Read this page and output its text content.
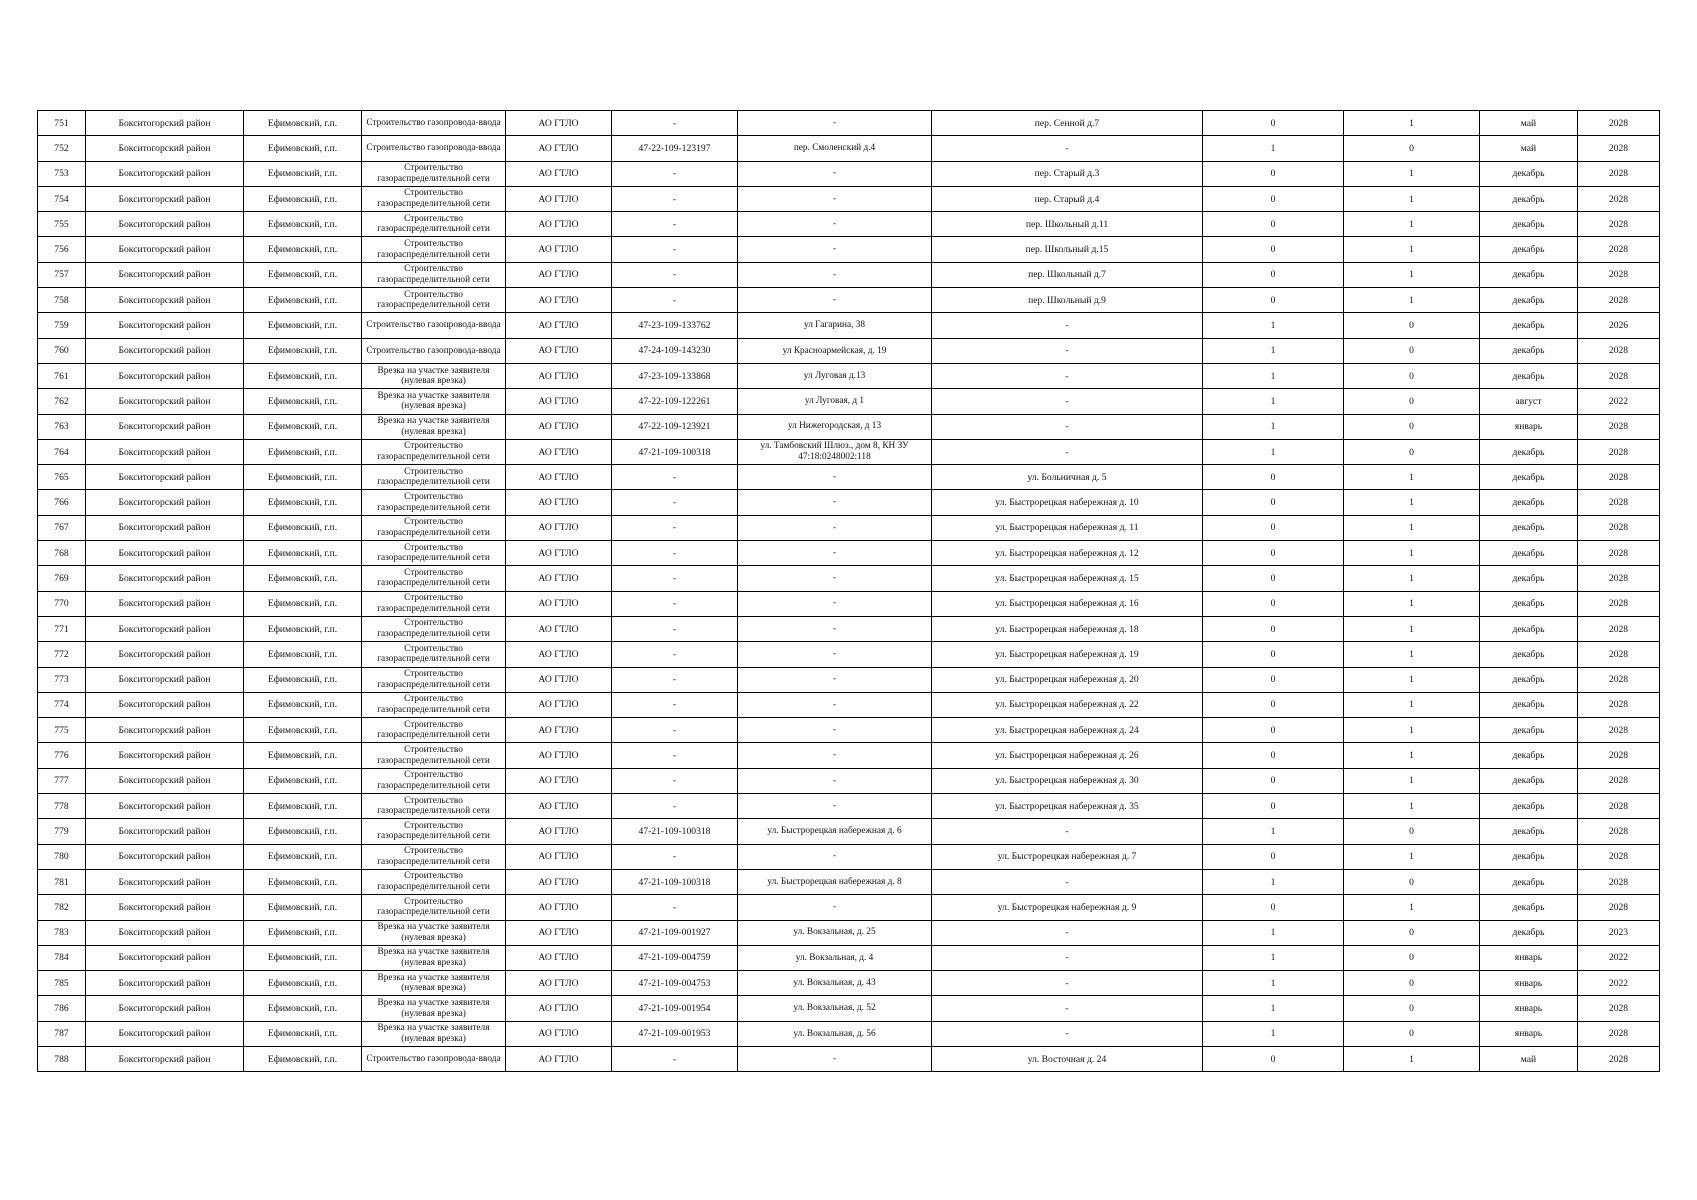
751	Бокситогорский район	Ефимовский, г.п.	Строительство газопровода-ввода	АО ГТЛО	-	-	пер. Сенной д.7	0	1	май	2028
752	Бокситогорский район	Ефимовский, г.п.	Строительство газопровода-ввода	АО ГТЛО	47-22-109-123197	пер. Смоленский д.4	-	1	0	май	2028
753	Бокситогорский район	Ефимовский, г.п.	Строительство газораспределительной сети	АО ГТЛО	-	-	пер. Старый д.3	0	1	декабрь	2028
754	Бокситогорский район	Ефимовский, г.п.	Строительство газораспределительной сети	АО ГТЛО	-	-	пер. Старый д.4	0	1	декабрь	2028
755	Бокситогорский район	Ефимовский, г.п.	Строительство газораспределительной сети	АО ГТЛО	-	-	пер. Школьный д.11	0	1	декабрь	2028
756	Бокситогорский район	Ефимовский, г.п.	Строительство газораспределительной сети	АО ГТЛО	-	-	пер. Школьный д.15	0	1	декабрь	2028
757	Бокситогорский район	Ефимовский, г.п.	Строительство газораспределительной сети	АО ГТЛО	-	-	пер. Школьный д.7	0	1	декабрь	2028
758	Бокситогорский район	Ефимовский, г.п.	Строительство газораспределительной сети	АО ГТЛО	-	-	пер. Школьный д.9	0	1	декабрь	2028
759	Бокситогорский район	Ефимовский, г.п.	Строительство газопровода-ввода	АО ГТЛО	47-23-109-133762	ул Гагарина, 38	-	1	0	декабрь	2026
760	Бокситогорский район	Ефимовский, г.п.	Строительство газопровода-ввода	АО ГТЛО	47-24-109-143230	ул Красноармейская, д. 19	-	1	0	декабрь	2028
761	Бокситогорский район	Ефимовский, г.п.	Врезка на участке заявителя (нулевая врезка)	АО ГТЛО	47-23-109-133868	ул Луговая д.13	-	1	0	декабрь	2028
762	Бокситогорский район	Ефимовский, г.п.	Врезка на участке заявителя (нулевая врезка)	АО ГТЛО	47-22-109-122261	ул Луговая, д 1	-	1	0	август	2022
763	Бокситогорский район	Ефимовский, г.п.	Врезка на участке заявителя (нулевая врезка)	АО ГТЛО	47-22-109-123921	ул Нижегородская, д 13	-	1	0	январь	2028
764	Бокситогорский район	Ефимовский, г.п.	Строительство газораспределительной сети	АО ГТЛО	47-21-109-100318	ул. Тамбовский Шлюз., дом 8, КН ЗУ 47:18:0248002:118	-	1	0	декабрь	2028
765	Бокситогорский район	Ефимовский, г.п.	Строительство газораспределительной сети	АО ГТЛО	-	-	ул. Больничная д. 5	0	1	декабрь	2028
766	Бокситогорский район	Ефимовский, г.п.	Строительство газораспределительной сети	АО ГТЛО	-	-	ул. Быстрорецкая набережная д. 10	0	1	декабрь	2028
767	Бокситогорский район	Ефимовский, г.п.	Строительство газораспределительной сети	АО ГТЛО	-	-	ул. Быстрорецкая набережная д. 11	0	1	декабрь	2028
768	Бокситогорский район	Ефимовский, г.п.	Строительство газораспределительной сети	АО ГТЛО	-	-	ул. Быстрорецкая набережная д. 12	0	1	декабрь	2028
769	Бокситогорский район	Ефимовский, г.п.	Строительство газораспределительной сети	АО ГТЛО	-	-	ул. Быстрорецкая набережная д. 15	0	1	декабрь	2028
770	Бокситогорский район	Ефимовский, г.п.	Строительство газораспределительной сети	АО ГТЛО	-	-	ул. Быстрорецкая набережная д. 16	0	1	декабрь	2028
771	Бокситогорский район	Ефимовский, г.п.	Строительство газораспределительной сети	АО ГТЛО	-	-	ул. Быстрорецкая набережная д. 18	0	1	декабрь	2028
772	Бокситогорский район	Ефимовский, г.п.	Строительство газораспределительной сети	АО ГТЛО	-	-	ул. Быстрорецкая набережная д. 19	0	1	декабрь	2028
773	Бокситогорский район	Ефимовский, г.п.	Строительство газораспределительной сети	АО ГТЛО	-	-	ул. Быстрорецкая набережная д. 20	0	1	декабрь	2028
774	Бокситогорский район	Ефимовский, г.п.	Строительство газораспределительной сети	АО ГТЛО	-	-	ул. Быстрорецкая набережная д. 22	0	1	декабрь	2028
775	Бокситогорский район	Ефимовский, г.п.	Строительство газораспределительной сети	АО ГТЛО	-	-	ул. Быстрорецкая набережная д. 24	0	1	декабрь	2028
776	Бокситогорский район	Ефимовский, г.п.	Строительство газораспределительной сети	АО ГТЛО	-	-	ул. Быстрорецкая набережная д. 26	0	1	декабрь	2028
777	Бокситогорский район	Ефимовский, г.п.	Строительство газораспределительной сети	АО ГТЛО	-	-	ул. Быстрорецкая набережная д. 30	0	1	декабрь	2028
778	Бокситогорский район	Ефимовский, г.п.	Строительство газораспределительной сети	АО ГТЛО	-	-	ул. Быстрорецкая набережная д. 35	0	1	декабрь	2028
779	Бокситогорский район	Ефимовский, г.п.	Строительство газораспределительной сети	АО ГТЛО	47-21-109-100318	ул. Быстрорецкая набережная д. 6	-	1	0	декабрь	2028
780	Бокситогорский район	Ефимовский, г.п.	Строительство газораспределительной сети	АО ГТЛО	-	-	ул. Быстрорецкая набережная д. 7	0	1	декабрь	2028
781	Бокситогорский район	Ефимовский, г.п.	Строительство газораспределительной сети	АО ГТЛО	47-21-109-100318	ул. Быстрорецкая набережная д. 8	-	1	0	декабрь	2028
782	Бокситогорский район	Ефимовский, г.п.	Строительство газораспределительной сети	АО ГТЛО	-	-	ул. Быстрорецкая набережная д. 9	0	1	декабрь	2028
783	Бокситогорский район	Ефимовский, г.п.	Врезка на участке заявителя (нулевая врезка)	АО ГТЛО	47-21-109-001927	ул. Вокзальная, д. 25	-	1	0	декабрь	2023
784	Бокситогорский район	Ефимовский, г.п.	Врезка на участке заявителя (нулевая врезка)	АО ГТЛО	47-21-109-004759	ул. Вокзальная, д. 4	-	1	0	январь	2022
785	Бокситогорский район	Ефимовский, г.п.	Врезка на участке заявителя (нулевая врезка)	АО ГТЛО	47-21-109-004753	ул. Вокзальная, д. 43	-	1	0	январь	2022
786	Бокситогорский район	Ефимовский, г.п.	Врезка на участке заявителя (нулевая врезка)	АО ГТЛО	47-21-109-001954	ул. Вокзальная, д. 52	-	1	0	январь	2028
787	Бокситогорский район	Ефимовский, г.п.	Врезка на участке заявителя (нулевая врезка)	АО ГТЛО	47-21-109-001953	ул. Вокзальная, д. 56	-	1	0	январь	2028
788	Бокситогорский район	Ефимовский, г.п.	Строительство газопровода-ввода	АО ГТЛО	-	-	ул. Восточная д. 24	0	1	май	2028
